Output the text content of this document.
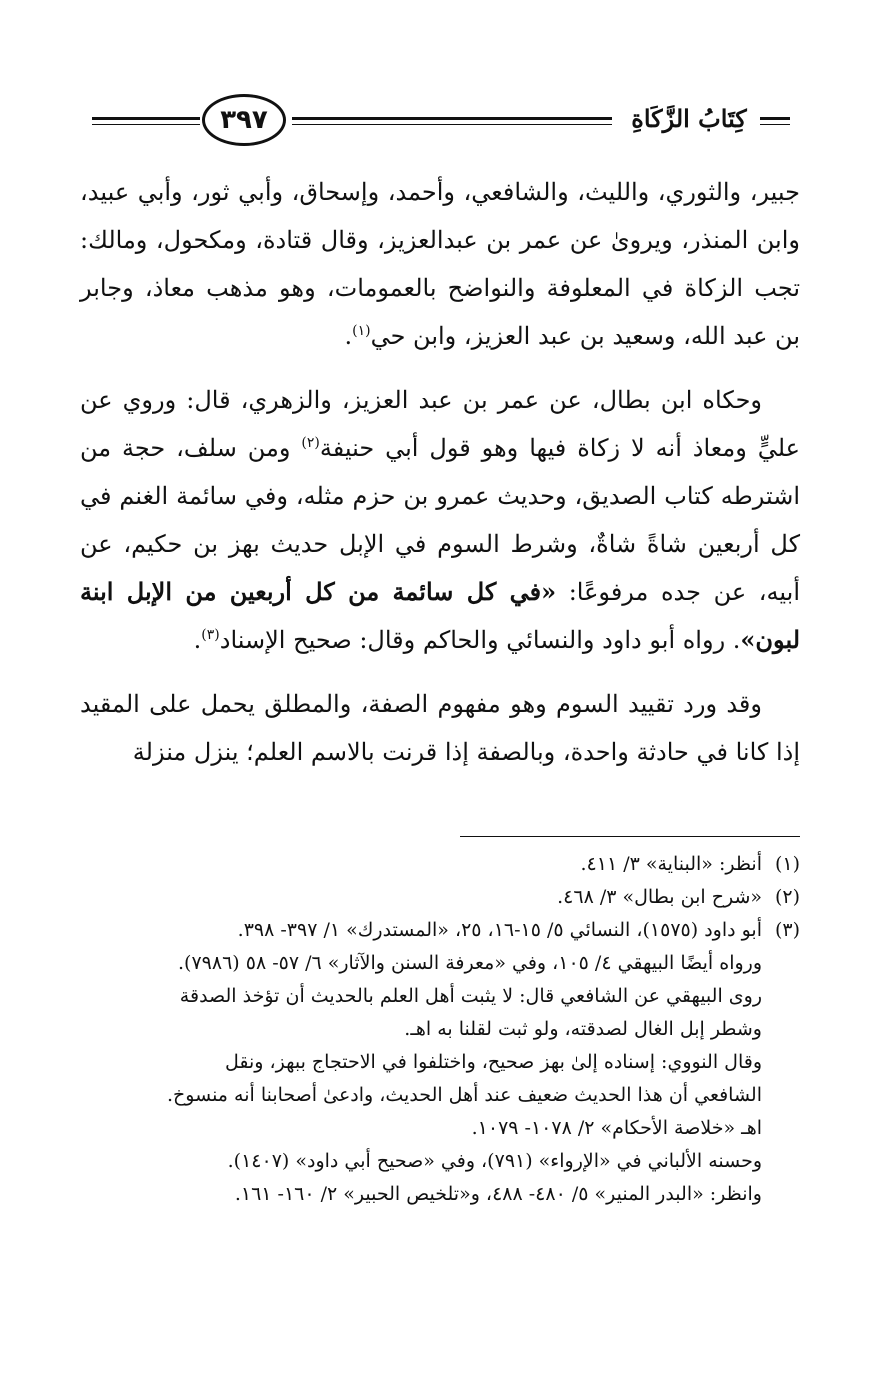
٣٩٧	كِتَابُ الزَّكَاةِ

جبير، والثوري، والليث، والشافعي، وأحمد، وإسحاق، وأبي ثور، وأبي عبيد، وابن المنذر، ويرویٰ عن عمر بن عبدالعزيز، وقال قتادة، ومكحول، ومالك: تجب الزكاة في المعلوفة والنواضح بالعمومات، وهو مذهب معاذ، وجابر بن عبد الله، وسعيد بن عبد العزيز، وابن حي$^{(١)}$.

وحكاه ابن بطال، عن عمر بن عبد العزيز، والزهري، قال: وروي عن عليٍّ ومعاذ أنه لا زكاة فيها وهو قول أبي حنيفة$^{(٢)}$ ومن سلف، حجة من اشترطه كتاب الصديق، وحديث عمرو بن حزم مثله، وفي سائمة الغنم في كل أربعين شاةً شاةٌ، وشرط السوم في الإبل حديث بهز بن حكيم، عن أبيه، عن جده مرفوعًا: «في كل سائمة من كل أربعين من الإبل ابنة لبون». رواه أبو داود والنسائي والحاكم وقال: صحيح الإسناد$^{(٣)}$.

وقد ورد تقييد السوم وهو مفهوم الصفة، والمطلق يحمل على المقيد إذا كانا في حادثة واحدة، وبالصفة إذا قرنت بالاسم العلم؛ ينزل منزلة

(١)

أنظر: «البناية» ٣/ ٤١١.

(٢)

«شرح ابن بطال» ٣/ ٤٦٨.

(٣)

أبو داود (١٥٧٥)، النسائي ٥/ ١٥-١٦، ٢٥، «المستدرك» ١/ ٣٩٧- ٣٩٨.

ورواه أيضًا البيهقي ٤/ ١٠٥، وفي «معرفة السنن والآثار» ٦/ ٥٧- ٥٨ (٧٩٨٦).

روى البيهقي عن الشافعي قال: لا يثبت أهل العلم بالحديث أن تؤخذ الصدقة

وشطر إبل الغال لصدقته، ولو ثبت لقلنا به اهـ.

وقال النووي: إسناده إلىٰ بهز صحيح، واختلفوا في الاحتجاج ببهز، ونقل

الشافعي أن هذا الحديث ضعيف عند أهل الحديث، وادعىٰ أصحابنا أنه منسوخ.

اهـ «خلاصة الأحكام» ٢/ ١٠٧٨- ١٠٧٩.

وحسنه الألباني في «الإرواء» (٧٩١)، وفي «صحيح أبي داود» (١٤٠٧).

وانظر: «البدر المنير» ٥/ ٤٨٠- ٤٨٨، و«تلخيص الحبير» ٢/ ١٦٠- ١٦١.
